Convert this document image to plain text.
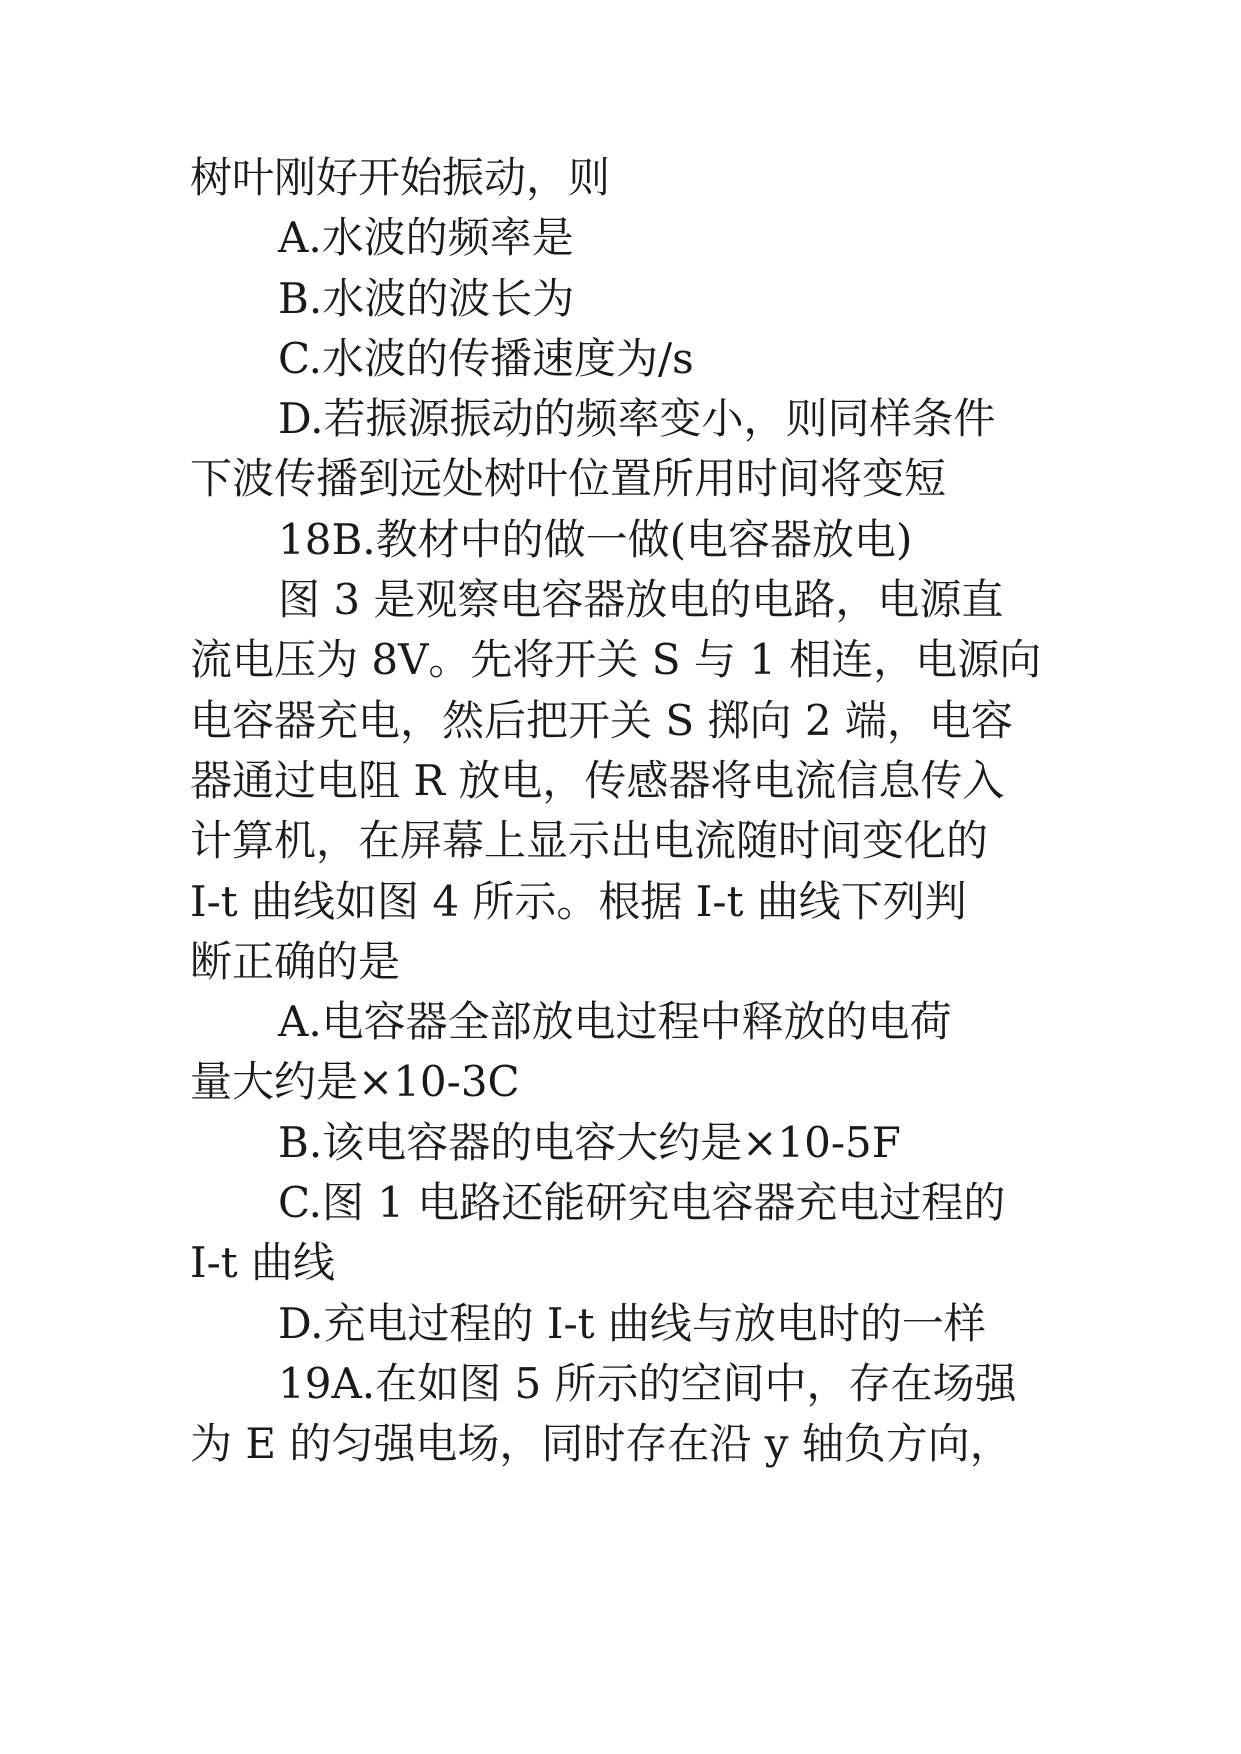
树叶刚好开始振动，则
A.水波的频率是
B.水波的波长为
C.水波的传播速度为/s
D.若振源振动的频率变小，则同样条件
下波传播到远处树叶位置所用时间将变短
18B.教材中的做一做(电容器放电)
图 3 是观察电容器放电的电路，电源直
流电压为 8V。先将开关 S 与 1 相连，电源向
电容器充电，然后把开关 S 掷向 2 端，电容
器通过电阻 R 放电，传感器将电流信息传入
计算机，在屏幕上显示出电流随时间变化的
I-t 曲线如图 4 所示。根据 I-t 曲线下列判
断正确的是
A.电容器全部放电过程中释放的电荷
量大约是×10-3C
B.该电容器的电容大约是×10-5F
C.图 1 电路还能研究电容器充电过程的
I-t 曲线
D.充电过程的 I-t 曲线与放电时的一样
19A.在如图 5 所示的空间中，存在场强
为 E 的匀强电场，同时存在沿 y 轴负方向，
